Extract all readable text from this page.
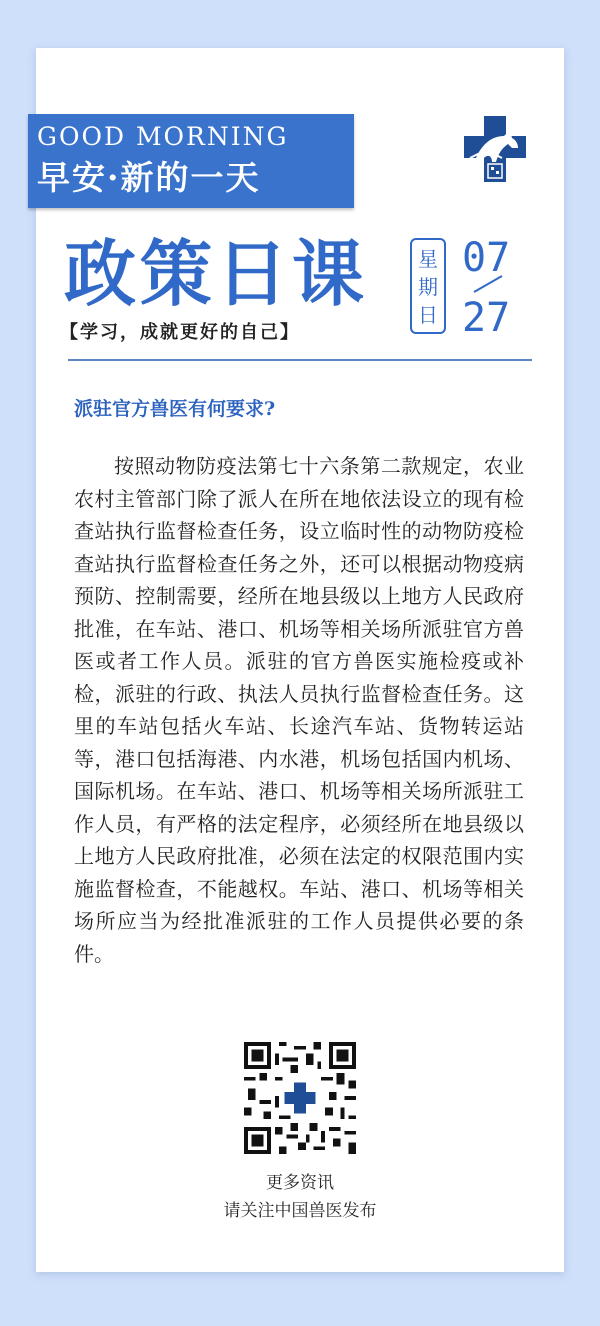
GOOD MORNING
早安·新的一天
政策日课
【学习，成就更好的自己】
星
期
日
07
27
派驻官方兽医有何要求?

按照动物防疫法第七十六条第二款规定，农业农村主管部门除了派人在所在地依法设立的现有检查站执行监督检查任务，设立临时性的动物防疫检查站执行监督检查任务之外，还可以根据动物疫病预防、控制需要，经所在地县级以上地方人民政府批准，在车站、港口、机场等相关场所派驻官方兽医或者工作人员。派驻的官方兽医实施检疫或补检，派驻的行政、执法人员执行监督检查任务。这里的车站包括火车站、长途汽车站、货物转运站等，港口包括海港、内水港，机场包括国内机场、国际机场。在车站、港口、机场等相关场所派驻工作人员，有严格的法定程序，必须经所在地县级以上地方人民政府批准，必须在法定的权限范围内实施监督检查，不能越权。车站、港口、机场等相关场所应当为经批准派驻的工作人员提供必要的条件。

更多资讯
请关注中国兽医发布
